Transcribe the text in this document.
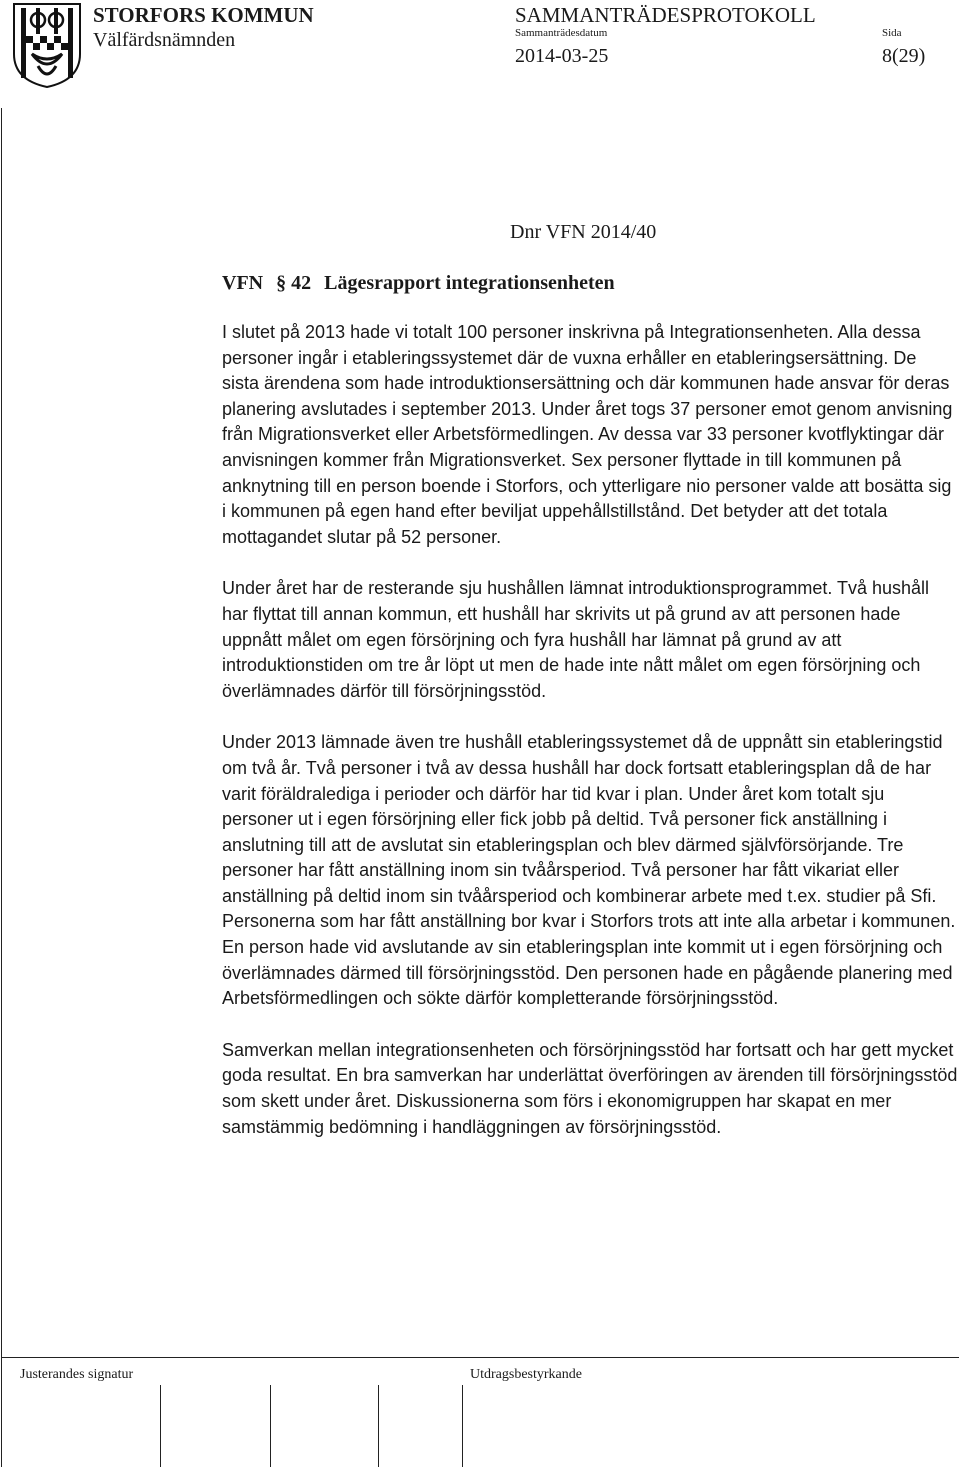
STORFORS KOMMUN
Välfärdsnämnden
SAMMANTRÄDESPROTOKOLL
Sammanträdesdatum	Sida
2014-03-25	8(29)
Dnr VFN 2014/40
VFN § 42 Lägesrapport integrationsenheten

I slutet på 2013 hade vi totalt 100 personer inskrivna på Integrationsenheten. Alla dessa personer ingår i etableringssystemet där de vuxna erhåller en etableringsersättning. De sista ärendena som hade introduktionsersättning och där kommunen hade ansvar för deras planering avslutades i september 2013. Under året togs 37 personer emot genom anvisning från Migrationsverket eller Arbetsförmedlingen. Av dessa var 33 personer kvotflyktingar där anvisningen kommer från Migrationsverket. Sex personer flyttade in till kommunen på anknytning till en person boende i Storfors, och ytterligare nio personer valde att bosätta sig i kommunen på egen hand efter beviljat uppehållstillstånd. Det betyder att det totala mottagandet slutar på 52 personer.

Under året har de resterande sju hushållen lämnat introduktionsprogrammet. Två hushåll har flyttat till annan kommun, ett hushåll har skrivits ut på grund av att personen hade uppnått målet om egen försörjning och fyra hushåll har lämnat på grund av att introduktionstiden om tre år löpt ut men de hade inte nått målet om egen försörjning och överlämnades därför till försörjningsstöd.

Under 2013 lämnade även tre hushåll etableringssystemet då de uppnått sin etableringstid om två år. Två personer i två av dessa hushåll har dock fortsatt etableringsplan då de har varit föräldralediga i perioder och därför har tid kvar i plan. Under året kom totalt sju personer ut i egen försörjning eller fick jobb på deltid. Två personer fick anställning i anslutning till att de avslutat sin etableringsplan och blev därmed självförsörjande. Tre personer har fått anställning inom sin tvåårsperiod. Två personer har fått vikariat eller anställning på deltid inom sin tvåårsperiod och kombinerar arbete med t.ex. studier på Sfi. Personerna som har fått anställning bor kvar i Storfors trots att inte alla arbetar i kommunen. En person hade vid avslutande av sin etableringsplan inte kommit ut i egen försörjning och överlämnades därmed till försörjningsstöd. Den personen hade en pågående planering med Arbetsförmedlingen och sökte därför kompletterande försörjningsstöd.

Samverkan mellan integrationsenheten och försörjningsstöd har fortsatt och har gett mycket goda resultat. En bra samverkan har underlättat överföringen av ärenden till försörjningsstöd som skett under året. Diskussionerna som förs i ekonomigruppen har skapat en mer samstämmig bedömning i handläggningen av försörjningsstöd.

Justerandes signatur	Utdragsbestyrkande
